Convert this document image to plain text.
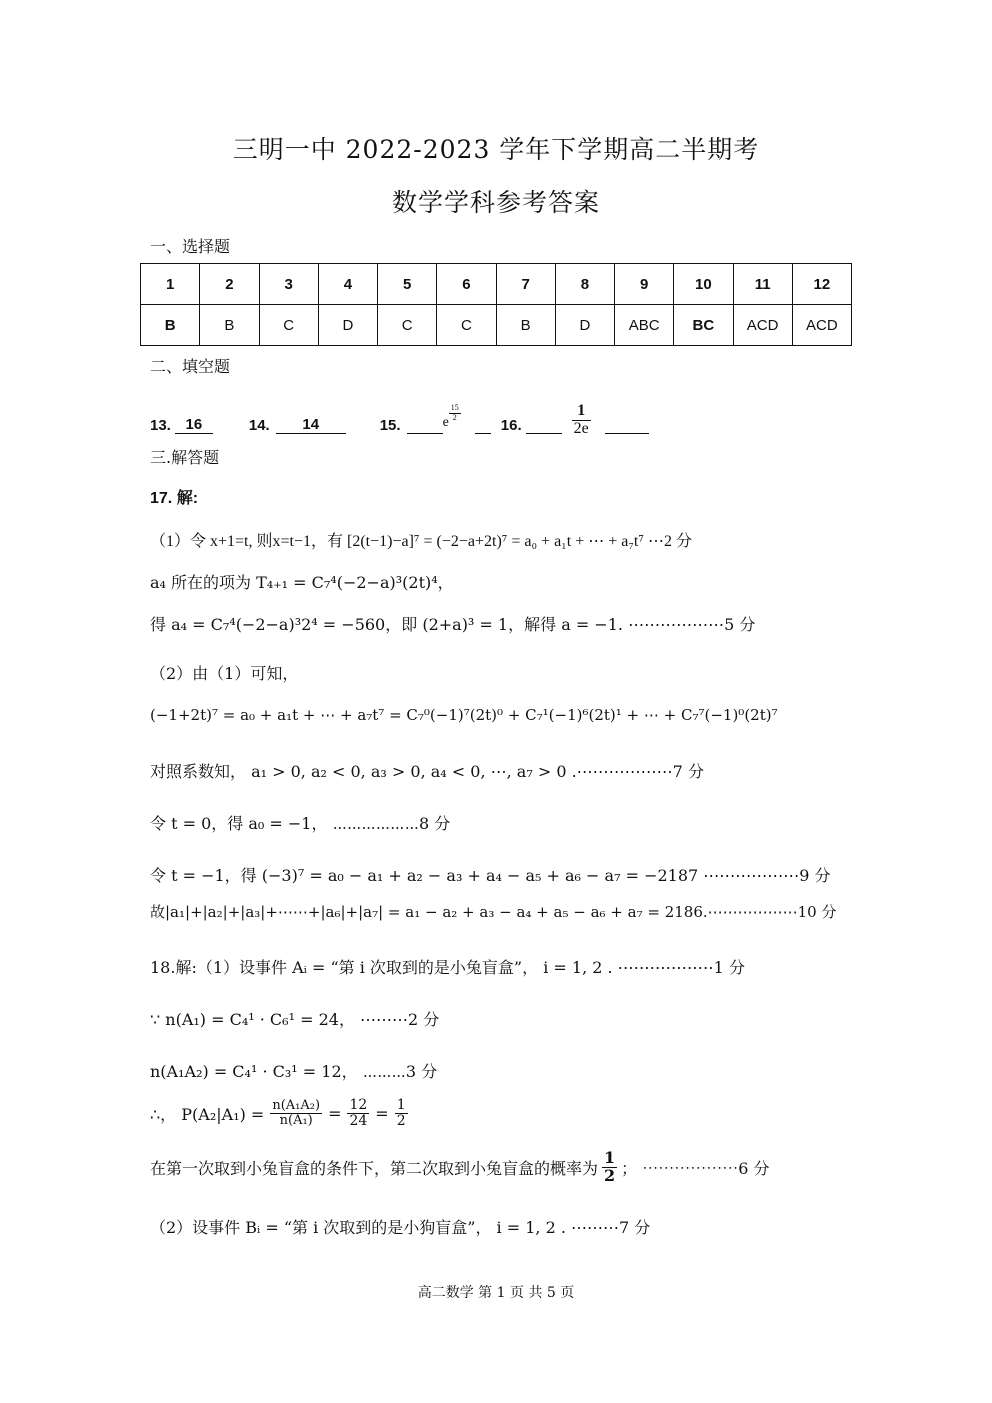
三明一中 2022-2023 学年下学期高二半期考
数学学科参考答案
一、选择题
1	2	3	4	5	6	7	8	9	10	11	12
B	B	C	D	C	C	B	D	ABC	BC	ACD	ACD
二、填空题
13. 16	14.	14	15.	e
$\frac{15}{2}$
16.	$\frac{1}{2e}$
三.解答题
17. 解:
（1）令 x+1=t, 则x=t−1，有 [2(t−1)−a]⁷ = (−2−a+2t)⁷ = a₀ + a₁t + ⋯ + a₇t⁷ ⋯2 分
a₄ 所在的项为 T₄₊₁ = C₇⁴(−2−a)³(2t)⁴，
得 a₄ = C₇⁴(−2−a)³2⁴ = −560，即 (2+a)³ = 1，解得 a = −1. ⋯⋯⋯⋯⋯⋯5 分
（2）由（1）可知，
(−1+2t)⁷ = a₀ + a₁t + ⋯ + a₇t⁷ = C₇⁰(−1)⁷(2t)⁰ + C₇¹(−1)⁶(2t)¹ + ⋯ + C₇⁷(−1)⁰(2t)⁷
对照系数知， a₁ > 0, a₂ < 0, a₃ > 0, a₄ < 0, ⋯, a₇ > 0 .⋯⋯⋯⋯⋯⋯7 分
令 t = 0，得 a₀ = −1， ⋯⋯⋯⋯⋯⋯8 分
令 t = −1，得 (−3)⁷ = a₀ − a₁ + a₂ − a₃ + a₄ − a₅ + a₆ − a₇ = −2187 ⋯⋯⋯⋯⋯⋯9 分
故|a₁|+|a₂|+|a₃|+⋯⋯+|a₆|+|a₇| = a₁ − a₂ + a₃ − a₄ + a₅ − a₆ + a₇ = 2186.⋯⋯⋯⋯⋯⋯10 分
18.解:（1）设事件 Aᵢ = “第 i 次取到的是小兔盲盒”， i = 1, 2 . ⋯⋯⋯⋯⋯⋯1 分
∵ n(A₁) = C₄¹ · C₆¹ = 24， ⋯⋯⋯2 分
n(A₁A₂) = C₄¹ · C₃¹ = 12， ⋯⋯⋯3 分
∴， $P(A_2|A_1) = \frac{\text{n(A₁A₂)}}{\text{n(A₁)}} = \frac{12}{24} = \frac{1}{2}$
在第一次取到小兔盲盒的条件下，第二次取到小兔盲盒的概率为 $\frac{1}{2}$ ； ⋯⋯⋯⋯⋯⋯6 分
（2）设事件 Bᵢ = “第 i 次取到的是小狗盲盒”， i = 1, 2 . ⋯⋯⋯7 分
高二数学 第 1 页 共 5 页
